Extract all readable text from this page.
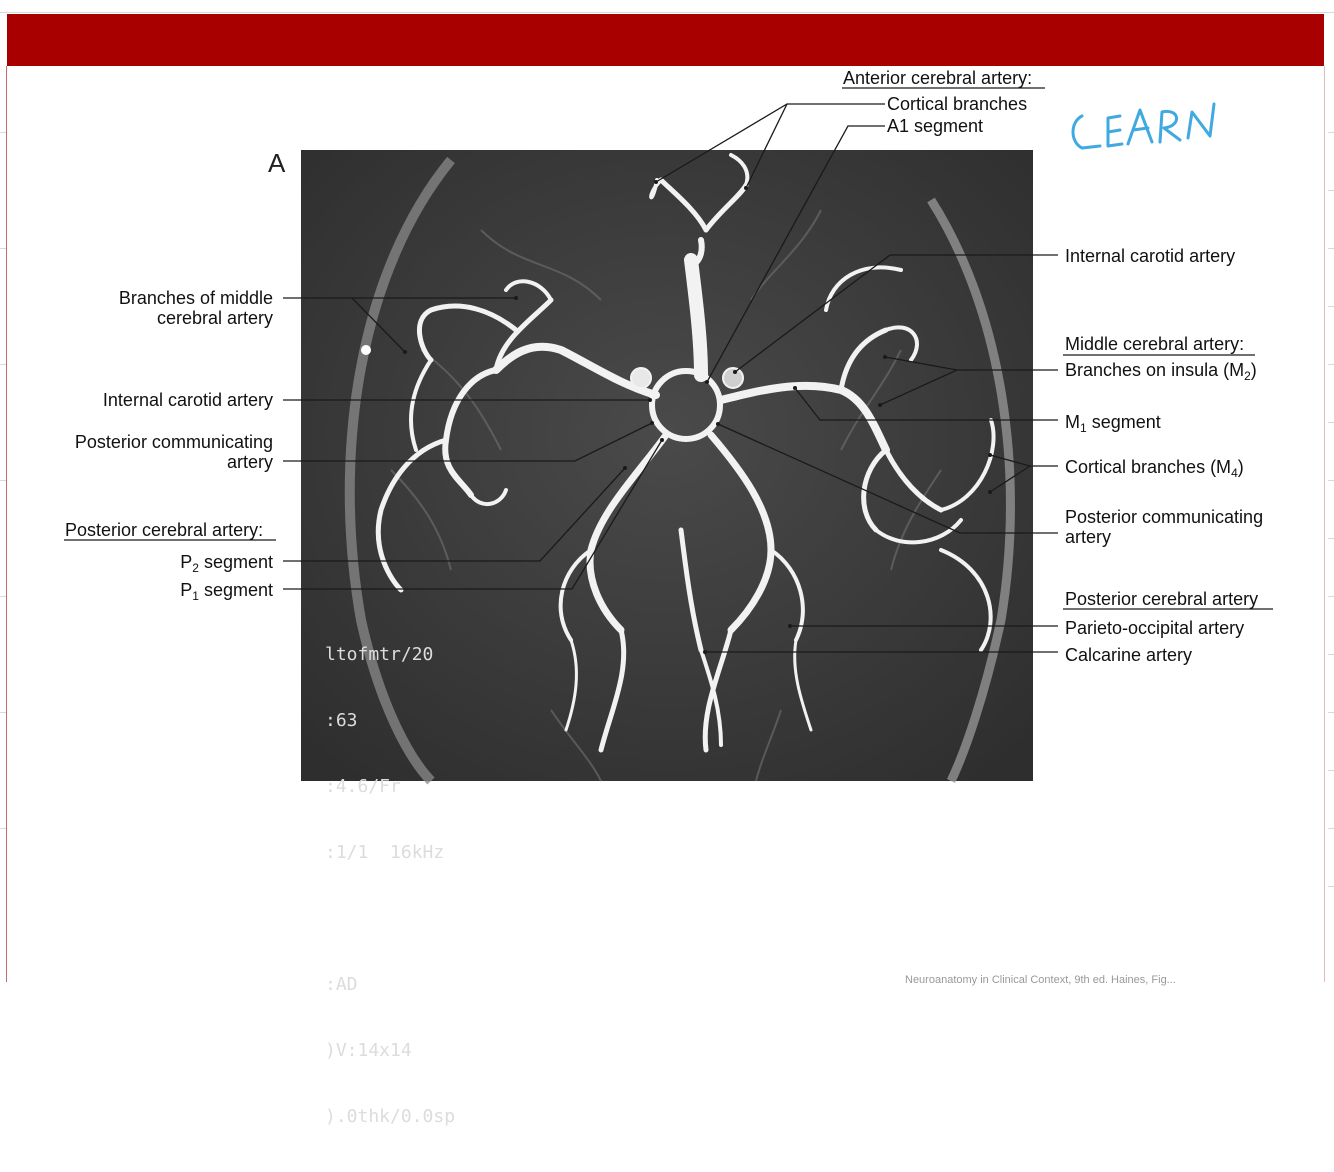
A

ltofmtr/20

:63

:4.6/Fr

:1/1  16kHz

:AD

)V:14x14

).0thk/0.0sp

Anterior cerebral artery:
Cortical branches
A1 segment
Branches of middle
cerebral artery
Internal carotid artery
Posterior communicating
artery
Posterior cerebral artery:
$P_2$ segment
$P_1$ segment
Internal carotid artery
Middle cerebral artery:
Branches on insula $(M_2)$
$M_1$ segment
Cortical branches $(M_4)$
Posterior communicating
artery
Posterior cerebral artery
Parieto-occipital artery
Calcarine artery
Neuroanatomy in Clinical Context, 9th ed. Haines, Fig...
